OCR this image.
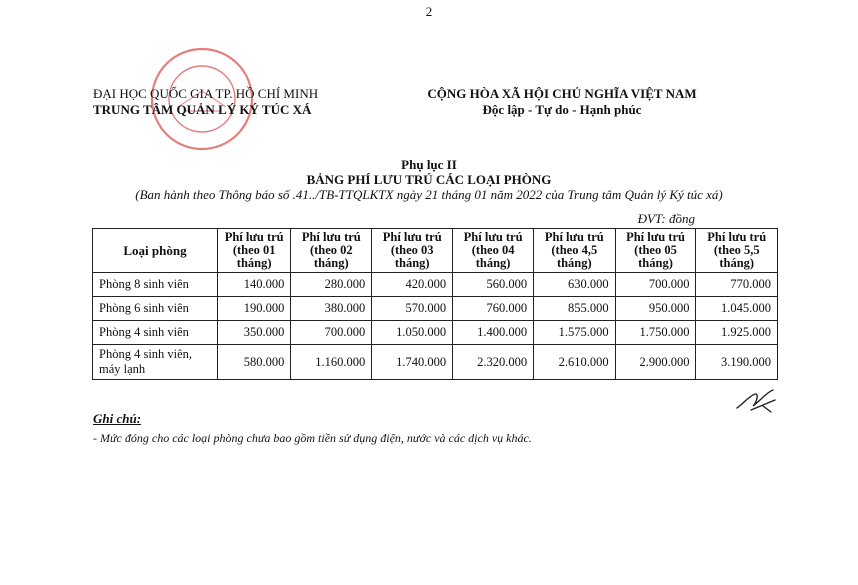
2
ĐẠI HỌC QUỐC GIA TP. HỒ CHÍ MINH
TRUNG TÂM QUẢN LÝ KÝ TÚC XÁ
CỘNG HÒA XÃ HỘI CHỦ NGHĨA VIỆT NAM
Độc lập - Tự do - Hạnh phúc
Phụ lục II
BẢNG PHÍ LƯU TRÚ CÁC LOẠI PHÒNG
(Ban hành theo Thông báo số .41../TB-TTQLKTX ngày 21 tháng 01 năm 2022 của Trung tâm Quản lý Ký túc xá)
ĐVT: đồng
Loại phòng	Phí lưu trú (theo 01 tháng)	Phí lưu trú (theo 02 tháng)	Phí lưu trú (theo 03 tháng)	Phí lưu trú (theo 04 tháng)	Phí lưu trú (theo 4,5 tháng)	Phí lưu trú (theo 05 tháng)	Phí lưu trú (theo 5,5 tháng)
Phòng 8 sinh viên	140.000	280.000	420.000	560.000	630.000	700.000	770.000
Phòng 6 sinh viên	190.000	380.000	570.000	760.000	855.000	950.000	1.045.000
Phòng 4 sinh viên	350.000	700.000	1.050.000	1.400.000	1.575.000	1.750.000	1.925.000
Phòng 4 sinh viên, máy lạnh	580.000	1.160.000	1.740.000	2.320.000	2.610.000	2.900.000	3.190.000
Ghi chú:
- Mức đóng cho các loại phòng chưa bao gồm tiền sử dụng điện, nước và các dịch vụ khác.
